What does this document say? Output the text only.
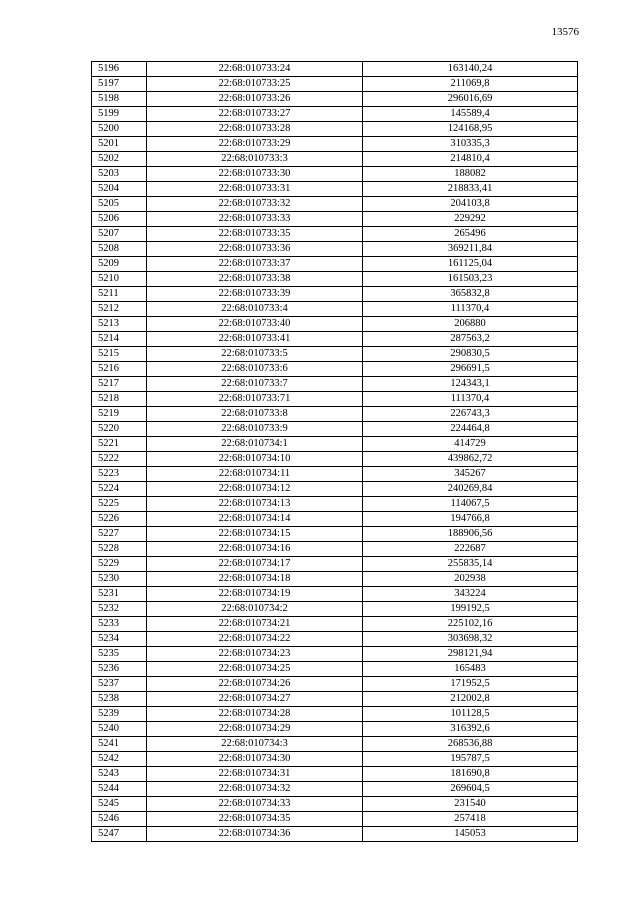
13576
5196	22:68:010733:24	163140,24
5197	22:68:010733:25	211069,8
5198	22:68:010733:26	296016,69
5199	22:68:010733:27	145589,4
5200	22:68:010733:28	124168,95
5201	22:68:010733:29	310335,3
5202	22:68:010733:3	214810,4
5203	22:68:010733:30	188082
5204	22:68:010733:31	218833,41
5205	22:68:010733:32	204103,8
5206	22:68:010733:33	229292
5207	22:68:010733:35	265496
5208	22:68:010733:36	369211,84
5209	22:68:010733:37	161125,04
5210	22:68:010733:38	161503,23
5211	22:68:010733:39	365832,8
5212	22:68:010733:4	111370,4
5213	22:68:010733:40	206880
5214	22:68:010733:41	287563,2
5215	22:68:010733:5	290830,5
5216	22:68:010733:6	296691,5
5217	22:68:010733:7	124343,1
5218	22:68:010733:71	111370,4
5219	22:68:010733:8	226743,3
5220	22:68:010733:9	224464,8
5221	22:68:010734:1	414729
5222	22:68:010734:10	439862,72
5223	22:68:010734:11	345267
5224	22:68:010734:12	240269,84
5225	22:68:010734:13	114067,5
5226	22:68:010734:14	194766,8
5227	22:68:010734:15	188906,56
5228	22:68:010734:16	222687
5229	22:68:010734:17	255835,14
5230	22:68:010734:18	202938
5231	22:68:010734:19	343224
5232	22:68:010734:2	199192,5
5233	22:68:010734:21	225102,16
5234	22:68:010734:22	303698,32
5235	22:68:010734:23	298121,94
5236	22:68:010734:25	165483
5237	22:68:010734:26	171952,5
5238	22:68:010734:27	212002,8
5239	22:68:010734:28	101128,5
5240	22:68:010734:29	316392,6
5241	22:68:010734:3	268536,88
5242	22:68:010734:30	195787,5
5243	22:68:010734:31	181690,8
5244	22:68:010734:32	269604,5
5245	22:68:010734:33	231540
5246	22:68:010734:35	257418
5247	22:68:010734:36	145053
